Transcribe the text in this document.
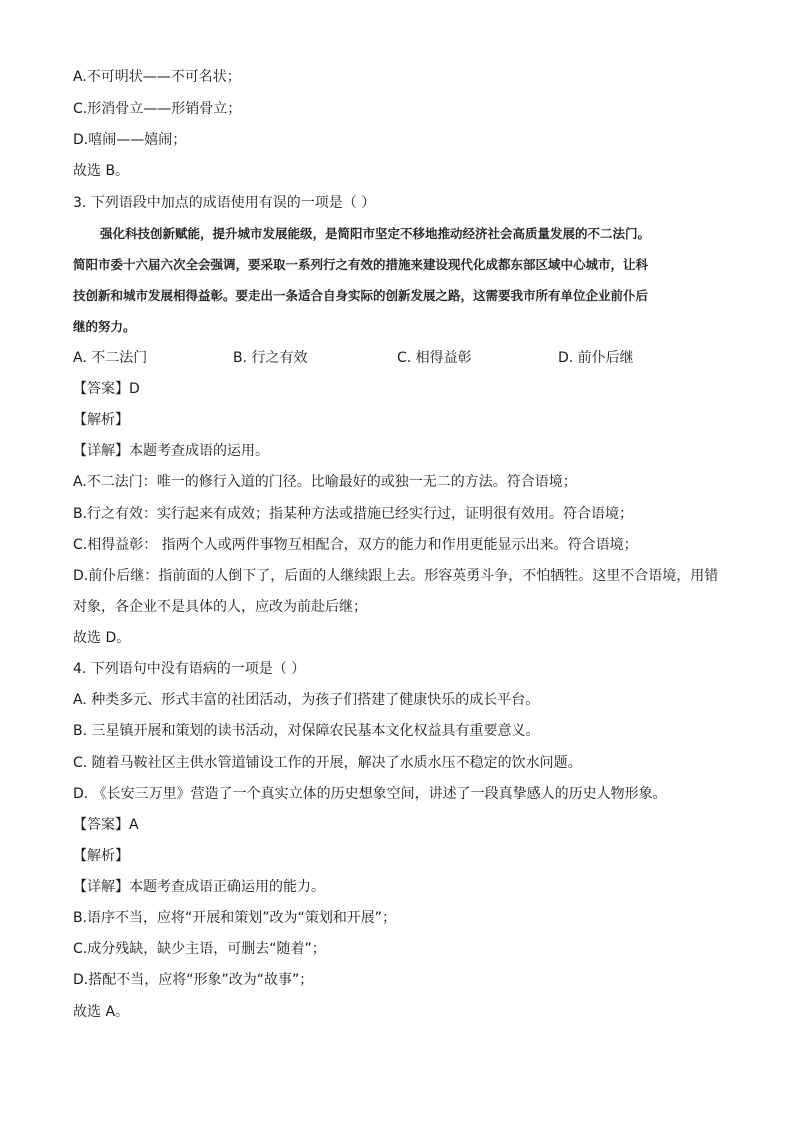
A.不可明状——不可名状；
C.形消骨立——形销骨立；
D.嘻闹——嬉闹；
故选 B。
3. 下列语段中加点的成语使用有误的一项是（ ）
强化科技创新赋能，提升城市发展能级，是简阳市坚定不移地推动经济社会高质量发展的不二法门。
简阳市委十六届六次全会强调，要采取一系列行之有效的措施来建设现代化成都东部区域中心城市，让科
技创新和城市发展相得益彰。要走出一条适合自身实际的创新发展之路，这需要我市所有单位企业前仆后
继的努力。
A. 不二法门	B. 行之有效	C. 相得益彰	D. 前仆后继
【答案】D
【解析】
【详解】本题考查成语的运用。
A.不二法门：唯一的修行入道的门径。比喻最好的或独一无二的方法。符合语境；
B.行之有效：实行起来有成效；指某种方法或措施已经实行过，证明很有效用。符合语境；
C.相得益彰： 指两个人或两件事物互相配合，双方的能力和作用更能显示出来。符合语境；
D.前仆后继：指前面的人倒下了，后面的人继续跟上去。形容英勇斗争，不怕牺牲。这里不合语境，用错
对象，各企业不是具体的人，应改为前赴后继；
故选 D。
4. 下列语句中没有语病的一项是（ ）
A. 种类多元、形式丰富的社团活动，为孩子们搭建了健康快乐的成长平台。
B. 三星镇开展和策划的读书活动，对保障农民基本文化权益具有重要意义。
C. 随着马鞍社区主供水管道铺设工作的开展，解决了水质水压不稳定的饮水问题。
D. 《长安三万里》营造了一个真实立体的历史想象空间，讲述了一段真挚感人的历史人物形象。
【答案】A
【解析】
【详解】本题考查成语正确运用的能力。
B.语序不当，应将“开展和策划”改为“策划和开展”；
C.成分残缺，缺少主语，可删去“随着”；
D.搭配不当，应将“形象”改为“故事”；
故选 A。
